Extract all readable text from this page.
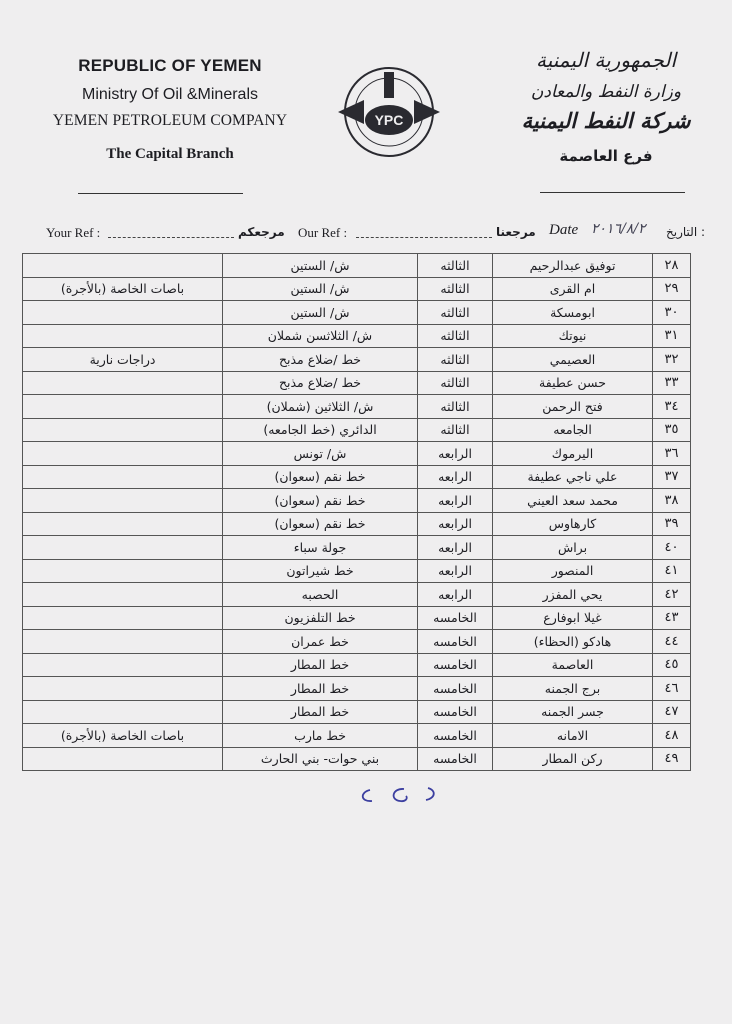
REPUBLIC OF YEMEN
Ministry Of Oil &Minerals
YEMEN PETROLEUM COMPANY
The Capital Branch
YPC
الجمهورية اليمنية
وزارة النفط والمعادن
شركة النفط اليمنية
فرع العاصمة
Your Ref :	مرجعكم Our Ref :	مرجعنا Date ٢٠١٦/٨/٢ التاريخ :
٢٨	توفيق عبدالرحيم	الثالثه	ش/ الستين	
٢٩	ام القرى	الثالثه	ش/ الستين	باصات الخاصة (بالأجرة)
٣٠	ابومسكة	الثالثه	ش/ الستين	
٣١	نيوتك	الثالثه	ش/ الثلاثسن شملان	
٣٢	العصيمي	الثالثه	خط /ضلاع مذبح	دراجات نارية
٣٣	حسن عطيفة	الثالثه	خط /ضلاع مذبح	
٣٤	فتح الرحمن	الثالثه	ش/ الثلاثين (شملان)	
٣٥	الجامعه	الثالثه	الدائري (خط الجامعه)	
٣٦	اليرموك	الرابعه	ش/ تونس	
٣٧	علي ناجي عطيفة	الرابعه	خط نقم (سعوان)	
٣٨	محمد سعد العيني	الرابعه	خط نقم (سعوان)	
٣٩	كارهاوس	الرابعه	خط نقم (سعوان)	
٤٠	براش	الرابعه	جولة سباء	
٤١	المنصور	الرابعه	خط شيراتون	
٤٢	يحي المفزر	الرابعه	الحصبه	
٤٣	غيلا ابوفارع	الخامسه	خط التلفزيون	
٤٤	هادكو (الحظاء)	الخامسه	خط عمران	
٤٥	العاصمة	الخامسه	خط المطار	
٤٦	برج الجمنه	الخامسه	خط المطار	
٤٧	جسر الجمنه	الخامسه	خط المطار	
٤٨	الامانه	الخامسه	خط مارب	باصات الخاصة (بالأجرة)
٤٩	ركن المطار	الخامسه	بني حوات- بني الحارث	
